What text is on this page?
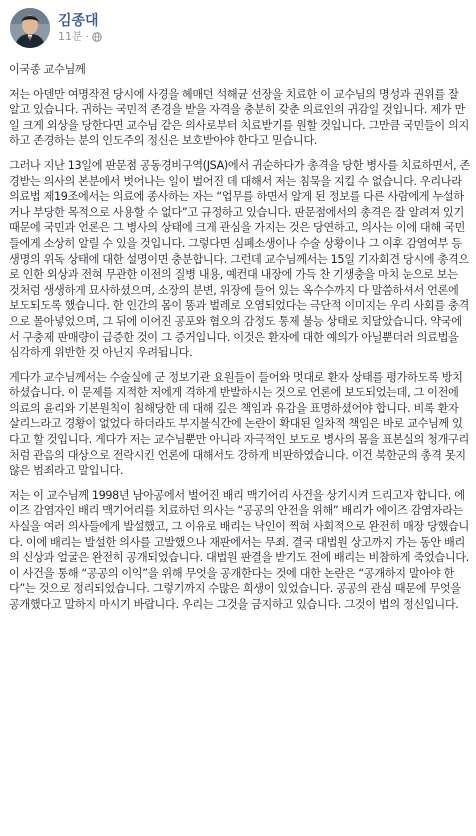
김종대
11분 ·

이국종 교수님께

저는 아덴만 여명작전 당시에 사경을 헤매던 석해균 선장을 치료한 이 교수님의 명성과 권위를 잘 알고 있습니다. 귀하는 국민적 존경을 받을 자격을 충분히 갖춘 의료인의 귀감일 것입니다. 제가 만일 크게 외상을 당한다면 교수님 같은 의사로부터 치료받기를 원할 것입니다. 그만큼 국민들이 의지하고 존경하는 분의 인도주의 정신은 보호받아야 한다고 믿습니다.

그러나 지난 13일에 판문점 공동경비구역(JSA)에서 귀순하다가 총격을 당한 병사를 치료하면서, 존경받는 의사의 본분에서 벗어나는 일이 벌어진 데 대해서 저는 침묵을 지킬 수 없습니다. 우리나라 의료법 제19조에서는 의료에 종사하는 자는 “업무를 하면서 알게 된 정보를 다른 사람에게 누설하거나 부당한 목적으로 사용할 수 없다”고 규정하고 있습니다. 판문점에서의 총격은 잘 알려져 있기 때문에 국민과 언론은 그 병사의 상태에 크게 관심을 가지는 것은 당연하고, 의사는 이에 대해 국민들에게 소상히 알릴 수 있을 것입니다. 그렇다면 심폐소생이나 수술 상황이나 그 이후 감염여부 등 생명의 위독 상태에 대한 설명이면 충분합니다. 그런데 교수님께서는 15일 기자회견 당시에 총격으로 인한 외상과 전혀 무관한 이전의 질병 내용, 예컨대 내장에 가득 찬 기생충을 마치 눈으로 보는 것처럼 생생하게 묘사하셨으며, 소장의 분변, 위장에 들어 있는 옥수수까지 다 말씀하셔서 언론에 보도되도록 했습니다. 한 인간의 몸이 똥과 벌레로 오염되었다는 극단적 이미지는 우리 사회를 충격으로 몰아넣었으며, 그 뒤에 이어진 공포와 혐오의 감정도 통제 불능 상태로 치달았습니다. 약국에서 구충제 판매량이 급증한 것이 그 증거입니다. 이것은 환자에 대한 예의가 아닐뿐더러 의료법을 심각하게 위반한 것 아닌지 우려됩니다.

게다가 교수님께서는 수술실에 군 정보기관 요원들이 들어와 멋대로 환자 상태를 평가하도록 방치하셨습니다. 이 문제를 지적한 저에게 격하게 반발하시는 것으로 언론에 보도되었는데, 그 이전에 의료의 윤리와 기본원칙이 침해당한 데 대해 깊은 책임과 유감을 표명하셨어야 합니다. 비록 환자 살리느라고 경황이 없었다 하더라도 부지불식간에 논란이 확대된 일차적 책임은 바로 교수님께 있다고 할 것입니다. 게다가 저는 교수님뿐만 아니라 자극적인 보도로 병사의 몸을 표본실의 청개구리처럼 관음의 대상으로 전락시킨 언론에 대해서도 강하게 비판하였습니다. 이건 북한군의 총격 못지않은 범죄라고 말입니다.

저는 이 교수님께 1998년 남아공에서 벌어진 배리 맥기어리 사건을 상기시켜 드리고자 합니다. 에이즈 감염자인 배리 맥기어리를 치료하던 의사는 “공공의 안전을 위해” 배리가 에이즈 감염자라는 사실을 여러 의사들에게 발설했고, 그 이유로 배리는 낙인이 찍혀 사회적으로 완전히 매장 당했습니다. 이에 배리는 발설한 의사를 고발했으나 재판에서는 무죄. 결국 대법원 상고까지 가는 동안 배리의 신상과 얼굴은 완전히 공개되었습니다. 대법원 판결을 받기도 전에 배리는 비참하게 죽었습니다. 이 사건을 통해 “공공의 이익”을 위해 무엇을 공개한다는 것에 대한 논란은 “공개하지 말아야 한다”는 것으로 정리되었습니다. 그렇기까지 수많은 희생이 있었습니다. 공공의 관심 때문에 무엇을 공개했다고 말하지 마시기 바랍니다. 우리는 그것을 금지하고 있습니다. 그것이 법의 정신입니다.
